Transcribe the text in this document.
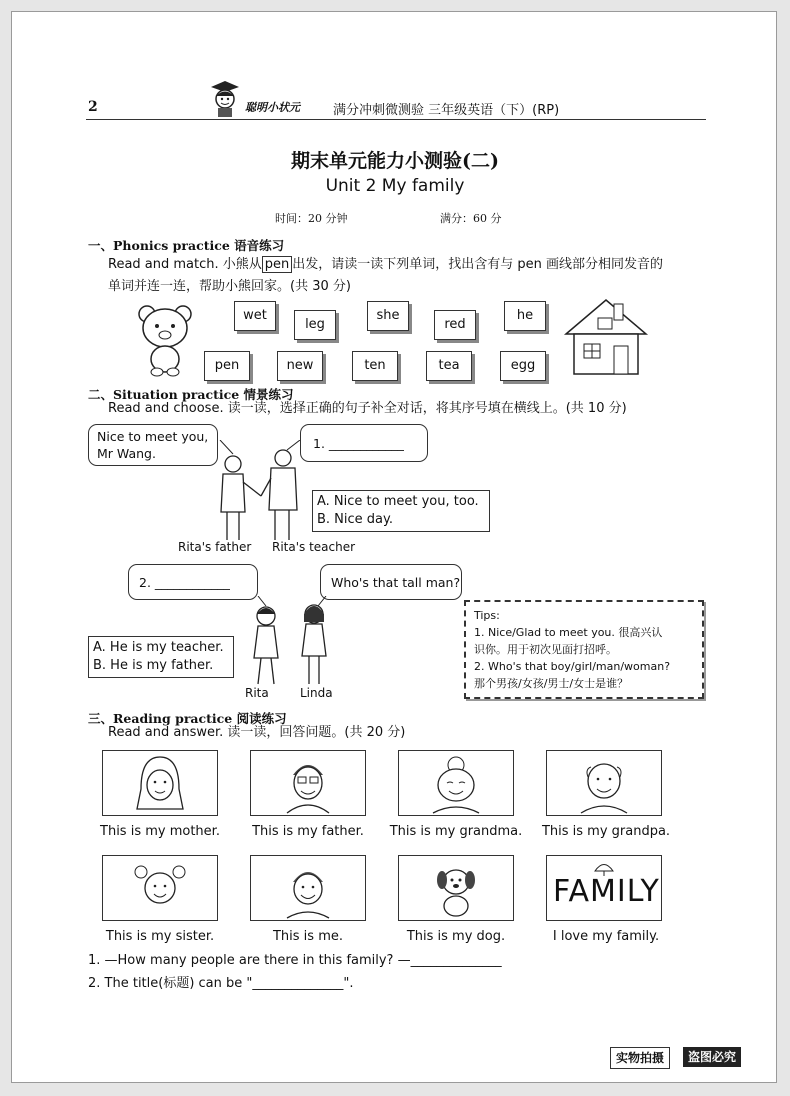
2	聪明小状元	满分冲刺微测验 三年级英语（下）(RP)
期末单元能力小测验(二)
Unit 2 My family
时间：20 分钟	满分：60 分
一、Phonics practice 语音练习
Read and match. 小熊从 pen 出发，请读一读下列单词，找出含有与 pen 画线部分相同发音的
单词并连一连，帮助小熊回家。(共 30 分)
wet
leg
she
red
he
pen	new	ten	tea	egg
二、Situation practice 情景练习
Read and choose. 读一读，选择正确的句子补全对话，将其序号填在横线上。(共 10 分)
Nice to meet you,
Mr Wang.
1. ____________
A. Nice to meet you, too.
B. Nice day.
Rita's father Rita's teacher
2. ____________	Who's that tall man?
A. He is my teacher.
B. He is my father.
Rita	Linda
Tips:
1. Nice/Glad to meet you. 很高兴认
识你。用于初次见面打招呼。
2. Who's that boy/girl/man/woman?
那个男孩/女孩/男士/女士是谁？
三、Reading practice 阅读练习
Read and answer. 读一读，回答问题。(共 20 分)
This is my mother.	This is my father.	This is my grandma.	This is my grandpa.
FAMILY
This is my sister.	This is me.	This is my dog.	I love my family.
1. —How many people are there in this family? —______________
2. The title(标题) can be "______________".
实物拍摄	盗图必究
